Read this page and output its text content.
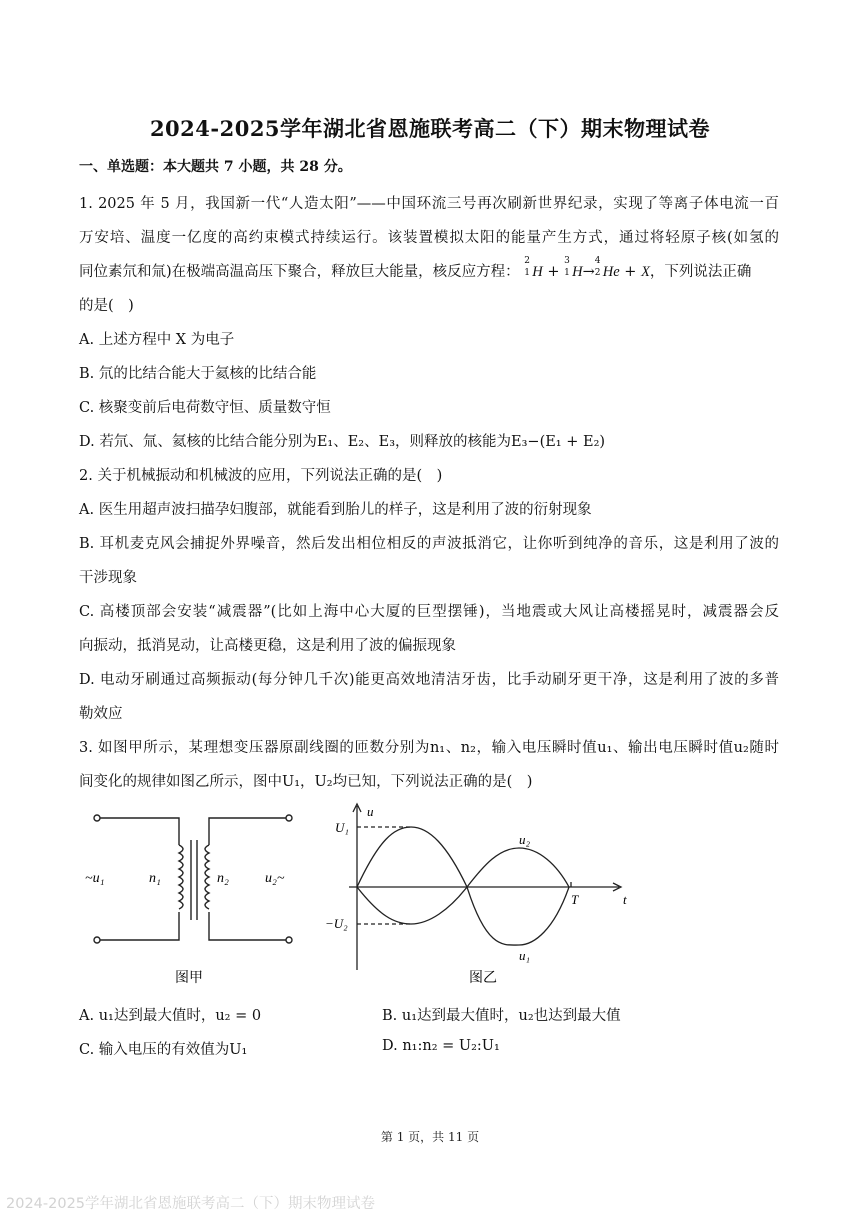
2024-2025学年湖北省恩施联考高二（下）期末物理试卷
一、单选题：本大题共 7 小题，共 28 分。
1. 2025 年 5 月，我国新一代“人造太阳”——中国环流三号再次刷新世界纪录，实现了等离子体电流一百
万安培、温度一亿度的高约束模式持续运行。该装置模拟太阳的能量产生方式，通过将轻原子核(如氢的
同位素氘和氚)在极端高温高压下聚合，释放巨大能量，核反应方程：
2
1 H +
3
1 H→
4
2 He + X，下列说法正确
的是(　)
A. 上述方程中 X 为电子
B. 氘的比结合能大于氦核的比结合能
C. 核聚变前后电荷数守恒、质量数守恒
D. 若氘、氚、氦核的比结合能分别为E₁、E₂、E₃，则释放的核能为E₃−(E₁ + E₂)
2. 关于机械振动和机械波的应用，下列说法正确的是(　)
A. 医生用超声波扫描孕妇腹部，就能看到胎儿的样子，这是利用了波的衍射现象
B. 耳机麦克风会捕捉外界噪音，然后发出相位相反的声波抵消它，让你听到纯净的音乐，这是利用了波的
干涉现象
C. 高楼顶部会安装“减震器”(比如上海中心大厦的巨型摆锤)，当地震或大风让高楼摇晃时，减震器会反
向振动，抵消晃动，让高楼更稳，这是利用了波的偏振现象
D. 电动牙刷通过高频振动(每分钟几千次)能更高效地清洁牙齿，比手动刷牙更干净，这是利用了波的多普
勒效应
3. 如图甲所示，某理想变压器原副线圈的匝数分别为n₁、n₂，输入电压瞬时值u₁、输出电压瞬时值u₂随时
间变化的规律如图乙所示，图中U₁，U₂均已知，下列说法正确的是(　)
~u₁	n₁	n₂	u₂~
图甲
u
U₁
−U₂
T	t
u₁
u₂
图乙
A. u₁达到最大值时，u₂ = 0	B. u₁达到最大值时，u₂也达到最大值
C. 输入电压的有效值为U₁	D. n₁:n₂ = U₂:U₁
第 1 页，共 11 页
2024-2025学年湖北省恩施联考高二（下）期末物理试卷
